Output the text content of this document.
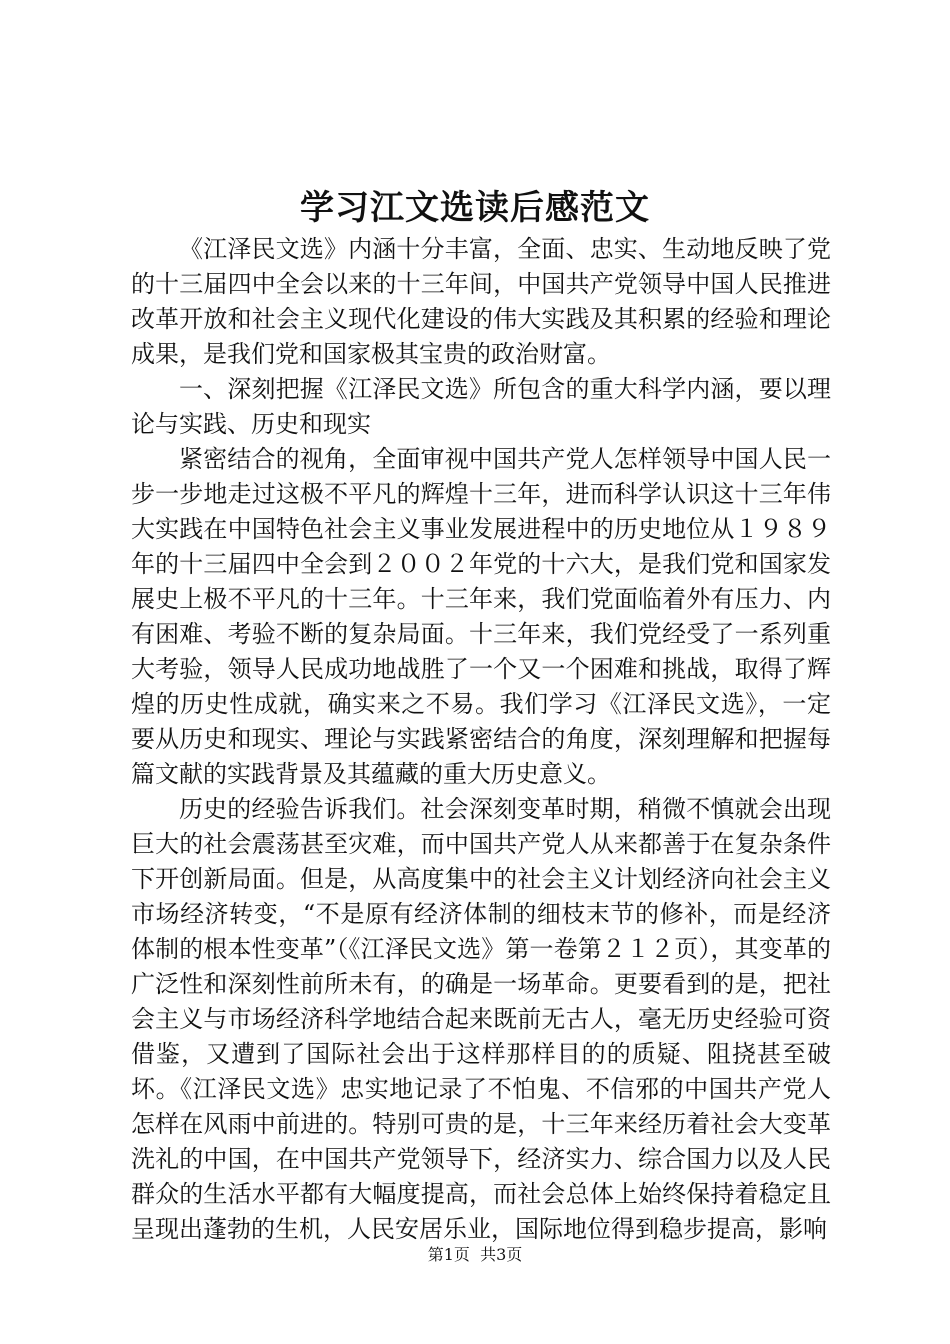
学习江文选读后感范文

《江泽民文选》内涵十分丰富，全面、忠实、生动地反映了党的十三届四中全会以来的十三年间，中国共产党领导中国人民推进改革开放和社会主义现代化建设的伟大实践及其积累的经验和理论成果，是我们党和国家极其宝贵的政治财富。

一、深刻把握《江泽民文选》所包含的重大科学内涵，要以理论与实践、历史和现实

紧密结合的视角，全面审视中国共产党人怎样领导中国人民一步一步地走过这极不平凡的辉煌十三年，进而科学认识这十三年伟大实践在中国特色社会主义事业发展进程中的历史地位从１９８９年的十三届四中全会到２００２年党的十六大，是我们党和国家发展史上极不平凡的十三年。十三年来，我们党面临着外有压力、内有困难、考验不断的复杂局面。十三年来，我们党经受了一系列重大考验，领导人民成功地战胜了一个又一个困难和挑战，取得了辉煌的历史性成就，确实来之不易。我们学习《江泽民文选》，一定要从历史和现实、理论与实践紧密结合的角度，深刻理解和把握每篇文献的实践背景及其蕴藏的重大历史意义。

历史的经验告诉我们。社会深刻变革时期，稍微不慎就会出现巨大的社会震荡甚至灾难，而中国共产党人从来都善于在复杂条件下开创新局面。但是，从高度集中的社会主义计划经济向社会主义市场经济转变，“不是原有经济体制的细枝末节的修补，而是经济体制的根本性变革”（《江泽民文选》第一卷第２１２页），其变革的广泛性和深刻性前所未有，的确是一场革命。更要看到的是，把社会主义与市场经济科学地结合起来既前无古人，毫无历史经验可资借鉴，又遭到了国际社会出于这样那样目的的质疑、阻挠甚至破坏。《江泽民文选》忠实地记录了不怕鬼、不信邪的中国共产党人怎样在风雨中前进的。特别可贵的是，十三年来经历着社会大变革洗礼的中国，在中国共产党领导下，经济实力、综合国力以及人民群众的生活水平都有大幅度提高，而社会总体上始终保持着稳定且呈现出蓬勃的生机，人民安居乐业，国际地位得到稳步提高，影响

第1页 共3页
